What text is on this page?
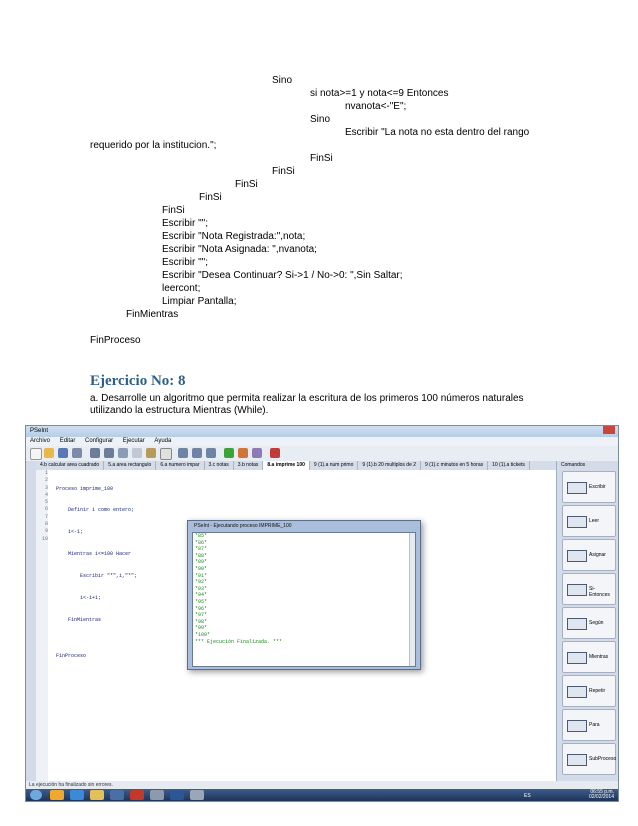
Sino
si nota>=1 y nota<=9 Entonces
nvanota<-"E";
Sino
Escribir "La nota no esta dentro del rango
requerido por la institucion.";
FinSi
FinSi
FinSi
FinSi
FinSi
Escribir "";
Escribir "Nota Registrada:",nota;
Escribir "Nota Asignada: ",nvanota;
Escribir "";
Escribir "Desea Continuar? Si->1 / No->0: ",Sin Saltar;
leercont;
Limpiar Pantalla;
FinMientras
FinProceso
Ejercicio No: 8
a. Desarrolle un algoritmo que permita realizar la escritura de los primeros 100 números naturales
utilizando la estructura Mientras (While).
PSeInt
Archivo Editar Configurar Ejecutar Ayuda
4.b calcular area cuadrado 5.a area rectangulo 6.a numero impar 3.c notas 3.b notas 8.a imprime 100 9 (1).a num primo 9 (1).b 20 multiplos de 2 9 (1).c minutos en 5 horas 10 (1).a tickets
1
2
3
4
5
6
7
8
9
10

Proceso imprime_100

Definir i como entero;

i<-1;

Mientras i<=100 Hacer

Escribir "*",i,"*";

i<-i+1;

FinMientras

FinProceso

PSeInt - Ejecutando proceso IMPRIME_100
*85*
*86*
*87*
*88*
*89*
*90*
*91*
*92*
*93*
*94*
*95*
*96*
*97*
*98*
*99*
*100*
*** Ejecución Finalizada. ***
Comandos
Escribir
Leer
Asignar
Si-Entonces
Según
Mientras
Repetir
Para
SubProceso
La ejecución ha finalizado sin errores.
ES
06:55 p.m.
02/02/2014
